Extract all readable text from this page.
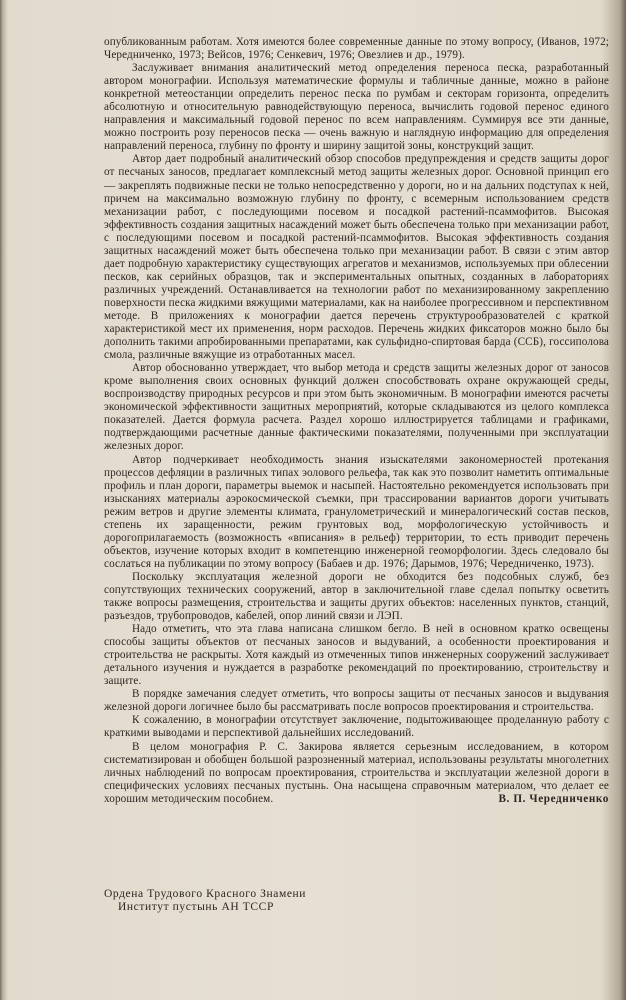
опубликованным работам. Хотя имеются более современные данные по этому вопросу, (Иванов, 1972; Чередниченко, 1973; Вейсов, 1976; Сенкевич, 1976; Овезлиев и др., 1979).

Заслуживает внимания аналитический метод определения переноса песка, разработанный автором монографии. Используя математические формулы и табличные данные, можно в районе конкретной метеостанции определить перенос песка по румбам и секторам горизонта, определить абсолютную и относительную равнодействующую переноса, вычислить годовой перенос единого направления и максимальный годовой перенос по всем направлениям. Суммируя все эти данные, можно построить розу переносов песка — очень важную и наглядную информацию для определения направлений переноса, глубину по фронту и ширину защитой зоны, конструкций защит.

Автор дает подробный аналитический обзор способов предупреждения и средств защиты дорог от песчаных заносов, предлагает комплексный метод защиты железных дорог. Основной принцип его — закреплять подвижные пески не только непосредственно у дороги, но и на дальних подступах к ней, причем на максимально возможную глубину по фронту, с всемерным использованием средств механизации работ, с последующими посевом и посадкой растений-псаммофитов. Высокая эффективность создания защитных насаждений может быть обеспечена только при механизации работ, с последующими посевом и посадкой растений-псаммофитов. Высокая эффективность создания защитных насаждений может быть обеспечена только при механизации работ. В связи с этим автор дает подробную характеристику существующих агрегатов и механизмов, используемых при облесении песков, как серийных образцов, так и экспериментальных опытных, созданных в лабораториях различных учреждений. Останавливается на технологии работ по механизированному закреплению поверхности песка жидкими вяжущими материалами, как на наиболее прогрессивном и перспективном методе. В приложениях к монографии дается перечень структурообразователей с краткой характеристикой мест их применения, норм расходов. Перечень жидких фиксаторов можно было бы дополнить такими апробированными препаратами, как сульфидно-спиртовая барда (ССБ), госсиполова смола, различные вяжущие из отработанных масел.

Автор обоснованно утверждает, что выбор метода и средств защиты железных дорог от заносов кроме выполнения своих основных функций должен способствовать охране окружающей среды, воспроизводству природных ресурсов и при этом быть экономичным. В монографии имеются расчеты экономической эффективности защитных мероприятий, которые складываются из целого комплекса показателей. Дается формула расчета. Раздел хорошо иллюстрируется таблицами и графиками, подтверждающими расчетные данные фактическими показателями, полученными при эксплуатации железных дорог.

Автор подчеркивает необходимость знания изыскателями закономерностей протекания процессов дефляции в различных типах эолового рельефа, так как это позволит наметить оптимальные профиль и план дороги, параметры выемок и насыпей. Настоятельно рекомендуется использовать при изысканиях материалы аэрокосмической съемки, при трассировании вариантов дороги учитывать режим ветров и другие элементы климата, гранулометрический и минералогический состав песков, степень их заращенности, режим грунтовых вод, морфологическую устойчивость и дорогоприлагаемость (возможность «вписания» в рельеф) территории, то есть приводит перечень объектов, изучение которых входит в компетенцию инженерной геоморфологии. Здесь следовало бы сослаться на публикации по этому вопросу (Бабаев и др. 1976; Дарымов, 1976; Чередниченко, 1973).

Поскольку эксплуатация железной дороги не обходится без подсобных служб, без сопутствующих технических сооружений, автор в заключительной главе сделал попытку осветить также вопросы размещения, строительства и защиты других объектов: населенных пунктов, станций, разъездов, трубопроводов, кабелей, опор линий связи и ЛЭП.

Надо отметить, что эта глава написана слишком бегло. В ней в основном кратко освещены способы защиты объектов от песчаных заносов и выдуваний, а особенности проектирования и строительства не раскрыты. Хотя каждый из отмеченных типов инженерных сооружений заслуживает детального изучения и нуждается в разработке рекомендаций по проектированию, строительству и защите.

В порядке замечания следует отметить, что вопросы защиты от песчаных заносов и выдувания железной дороги логичнее было бы рассматривать после вопросов проектирования и строительства.

К сожалению, в монографии отсутствует заключение, подытоживающее проделанную работу с краткими выводами и перспективой дальнейших исследований.

В целом монография Р. С. Закирова является серьезным исследованием, в котором систематизирован и обобщен большой разрозненный материал, использованы результаты многолетних личных наблюдений по вопросам проектирования, строительства и эксплуатации железной дороги в специфических условиях песчаных пустынь. Она насыщена справочным материалом, что делает ее хорошим методическим пособием.	В. П. Чередниченко
Ордена Трудового Красного Знамени
Институт пустынь АН ТССР
